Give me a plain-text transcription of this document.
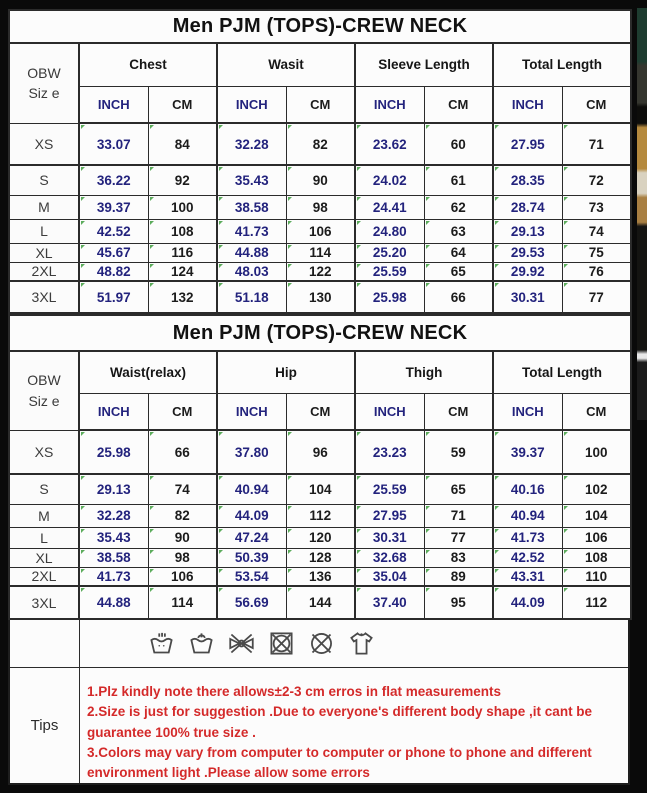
Men PJM (TOPS)-CREW NECK								

OBW
Siz e	Chest		Wasit		Sleeve Length		Total Length	
	INCH	CM	INCH	CM	INCH	CM	INCH	CM
XS	33.07	84	32.28	82	23.62	60	27.95	71
S	36.22	92	35.43	90	24.02	61	28.35	72
M	39.37	100	38.58	98	24.41	62	28.74	73
L	42.52	108	41.73	106	24.80	63	29.13	74
XL	45.67	116	44.88	114	25.20	64	29.53	75
2XL	48.82	124	48.03	122	25.59	65	29.92	76
3XL	51.97	132	51.18	130	25.98	66	30.31	77
Men PJM (TOPS)-CREW NECK								

OBW
Siz e	Waist(relax)		Hip		Thigh		Total Length	
	INCH	CM	INCH	CM	INCH	CM	INCH	CM
XS	25.98	66	37.80	96	23.23	59	39.37	100
S	29.13	74	40.94	104	25.59	65	40.16	102
M	32.28	82	44.09	112	27.95	71	40.94	104
L	35.43	90	47.24	120	30.31	77	41.73	106
XL	38.58	98	50.39	128	32.68	83	42.52	108
2XL	41.73	106	53.54	136	35.04	89	43.31	110
3XL	44.88	114	56.69	144	37.40	95	44.09	112
Tips
1.Plz kindly note there allows±2-3 cm erros in flat measurements
2.Size is just for suggestion .Due to everyone's different body shape ,it cant be guarantee 100% true size .
3.Colors may vary from computer to computer or phone to phone and different environment light .Please allow some errors
